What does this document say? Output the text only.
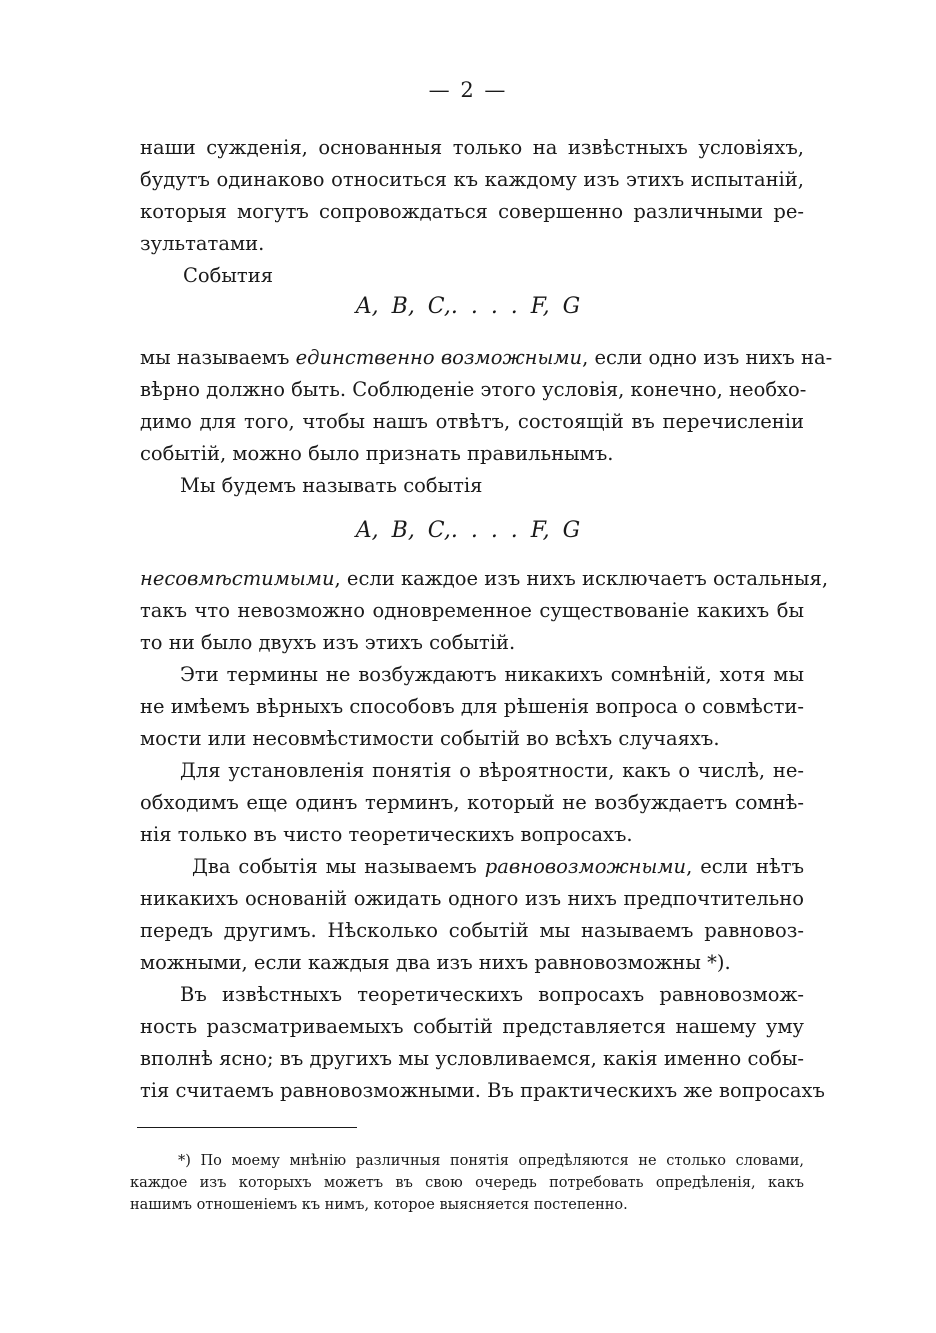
— 2 —
наши сужденія, основанныя только на извѣстныхъ условіяхъ,
будутъ одинаково относиться къ каждому изъ этихъ испытаній,
которыя могутъ сопровождаться совершенно различными ре-
зультатами.
События
A, B, C,. . . . F, G
мы называемъ единственно возможными, если одно изъ нихъ на-
вѣрно должно быть. Соблюденіе этого условія, конечно, необхо-
димо для того, чтобы нашъ отвѣтъ, состоящій въ перечисленіи
событій, можно было признать правильнымъ.
Мы будемъ называть событія
A, B, C,. . . . F, G
несовмѣстимыми, если каждое изъ нихъ исключаетъ остальныя,
такъ что невозможно одновременное существованіе какихъ бы
то ни было двухъ изъ этихъ событій.
Эти термины не возбуждаютъ никакихъ сомнѣній, хотя мы
не имѣемъ вѣрныхъ способовъ для рѣшенія вопроса о совмѣсти-
мости или несовмѣстимости событій во всѣхъ случаяхъ.
Для установленія понятія о вѣроятности, какъ о числѣ, не-
обходимъ еще одинъ терминъ, который не возбуждаетъ сомнѣ-
нія только въ чисто теоретическихъ вопросахъ.
Два событія мы называемъ равновозможными, если нѣтъ
никакихъ основаній ожидать одного изъ нихъ предпочтительно
передъ другимъ. Нѣсколько событій мы называемъ равновоз-
можными, если каждыя два изъ нихъ равновозможны *).
Въ извѣстныхъ теоретическихъ вопросахъ равновозмож-
ность разсматриваемыхъ событій представляется нашему уму
вполнѣ ясно; въ другихъ мы условливаемся, какія именно собы-
тія считаемъ равновозможными. Въ практическихъ же вопросахъ
*) По моему мнѣнію различныя понятія опредѣляются не столько словами,
каждое изъ которыхъ можетъ въ свою очередь потребовать опредѣленія, какъ
нашимъ отношеніемъ къ нимъ, которое выясняется постепенно.
